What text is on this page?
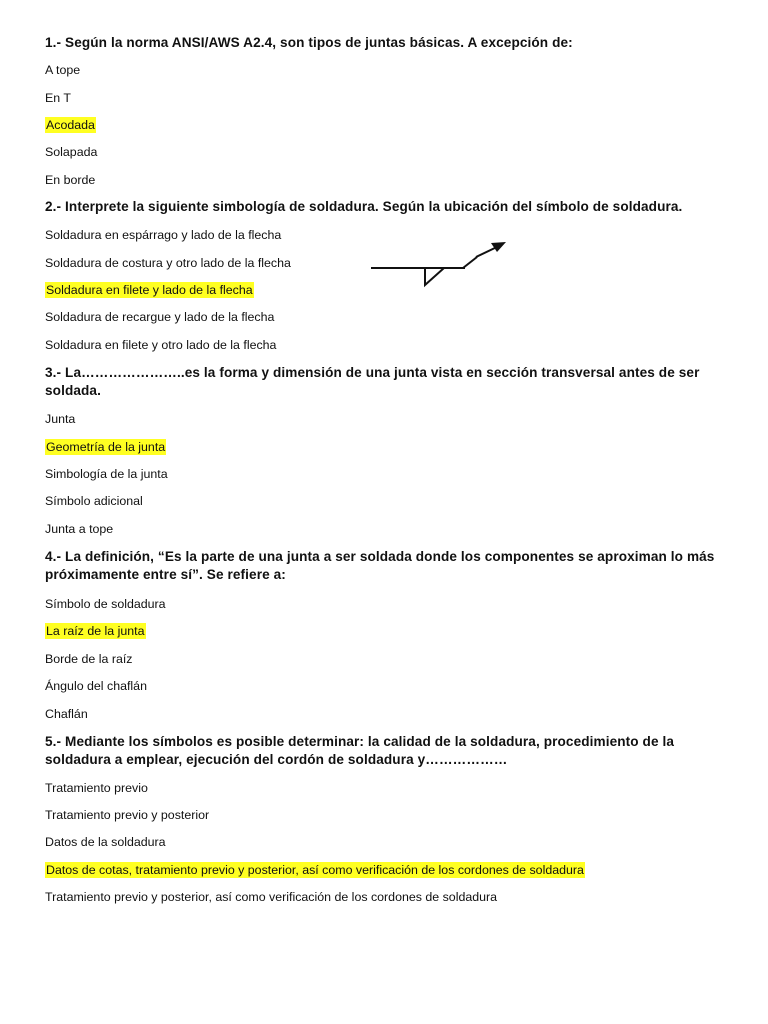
1.- Según la norma ANSI/AWS A2.4, son tipos de juntas básicas. A excepción de:
A tope
En T
Acodada
Solapada
En borde
2.- Interprete la siguiente simbología de soldadura. Según la ubicación del símbolo de soldadura.
Soldadura en espárrago y lado de la flecha
Soldadura de costura y otro lado de la flecha
Soldadura en filete y lado de la flecha
Soldadura de recargue y lado de la flecha
Soldadura en filete y otro lado de la flecha
3.- La…………………..es la forma y dimensión de una junta vista en sección transversal antes de ser soldada.
Junta
Geometría de la junta
Simbología de la junta
Símbolo adicional
Junta a tope
4.- La definición, “Es la parte de una junta a ser soldada donde los componentes se aproximan lo más próximamente entre sí”. Se refiere a:
Símbolo de soldadura
La raíz de la junta
Borde de la raíz
Ángulo del chaflán
Chaflán
5.- Mediante los símbolos es posible determinar: la calidad de la soldadura, procedimiento de la soldadura a emplear, ejecución del cordón de soldadura y………………
Tratamiento previo
Tratamiento previo y posterior
Datos de la soldadura
Datos de cotas, tratamiento previo y posterior, así como verificación de los cordones de soldadura
Tratamiento previo y posterior, así como verificación de los cordones de soldadura
